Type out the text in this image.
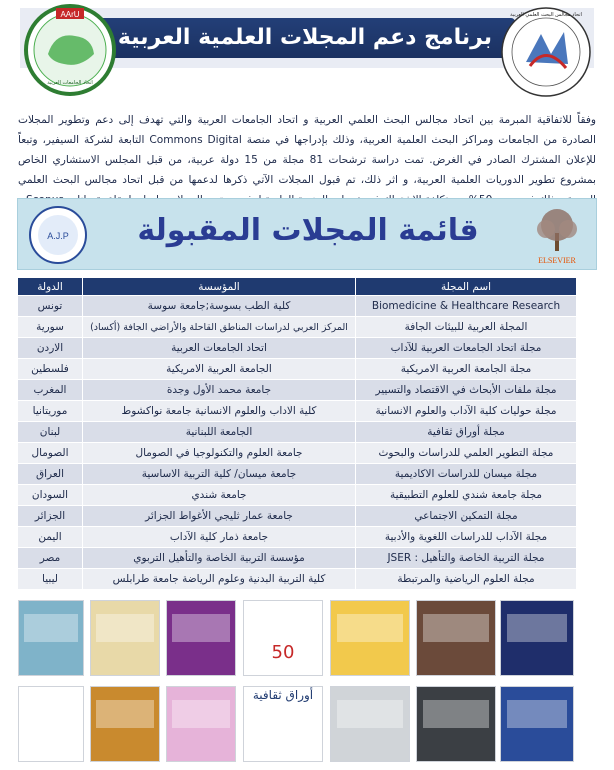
برنامج دعم المجلات العلمية العربية
AArU
اتحاد الجامعات العربية
اتحاد مجالس البحث العلمي العربية
وفقاً للاتفاقية المبرمة بين اتحاد مجالس البحث العلمي العربية و اتحاد الجامعات العربية والتي تهدف إلى دعم وتطوير المجلات الصادرة من الجامعات ومراكز البحث العلمية العربية، وذلك بإدراجها في منصة Commons Digital التابعة لشركة السيفير، وتبعاً للإعلان المشترك الصادر في الغرض. تمت دراسة ترشحات 81 مجلة من 15 دولة عربية، من قبل المجلس الاستشاري الخاص بمشروع تطوير الدوريات العلمية العربية، و اثر ذلك، تم قبول المجلات الآتي ذكرها لدعمها من قبل اتحاد مجالس البحث العلمي
A.J.P	قائمة المجلات المقبولة
ELSEVIER
اسم المجلة	المؤسسة	الدولة
Biomedicine & Healthcare Research	كلية الطب بسوسة;جامعة سوسة	تونس
المجلة العربية للبيئات الجافة	المركز العربي لدراسات المناطق القاحلة والأراضي الجافة (أكساد)	سورية
مجلة اتحاد الجامعات العربية للآداب	اتحاد الجامعات العربية	الاردن
مجلة الجامعة العربية الامريكية	الجامعة العربية الامريكية	فلسطين
مجلة ملفات الأبحاث في الاقتصاد والتسيير	جامعة محمد الأول وجدة	المغرب
مجلة حوليات كلية الآداب والعلوم الانسانية	كلية الاداب والعلوم الانسانية جامعة نواكشوط	موريتانيا
مجلة أوراق ثقافية	الجامعة اللبنانية	لبنان
مجلة التطوير العلمي للدراسات والبحوث	جامعة العلوم والتكنولوجيا في الصومال	الصومال
مجلة ميسان للدراسات الاكاديمية	جامعة ميسان/ كلية التربية الاساسية	العراق
مجلة جامعة شندي للعلوم التطبيقية	جامعة شندي	السودان
مجلة التمكين الاجتماعي	جامعة عمار ثليجي الأغواط الجزائر	الجزائر
مجلة الآداب للدراسات اللغوية والأدبية	جامعة ذمار كلية الآداب	اليمن
مجلة التربية الخاصة والتأهيل : JSER	مؤسسة التربية الخاصة والتأهيل التربوي	مصر
مجلة العلوم الرياضية والمرتبطة	كلية التربية البدنية وعلوم الرياضة جامعة طرابلس	ليبيا
50
أوراق ثقافية
